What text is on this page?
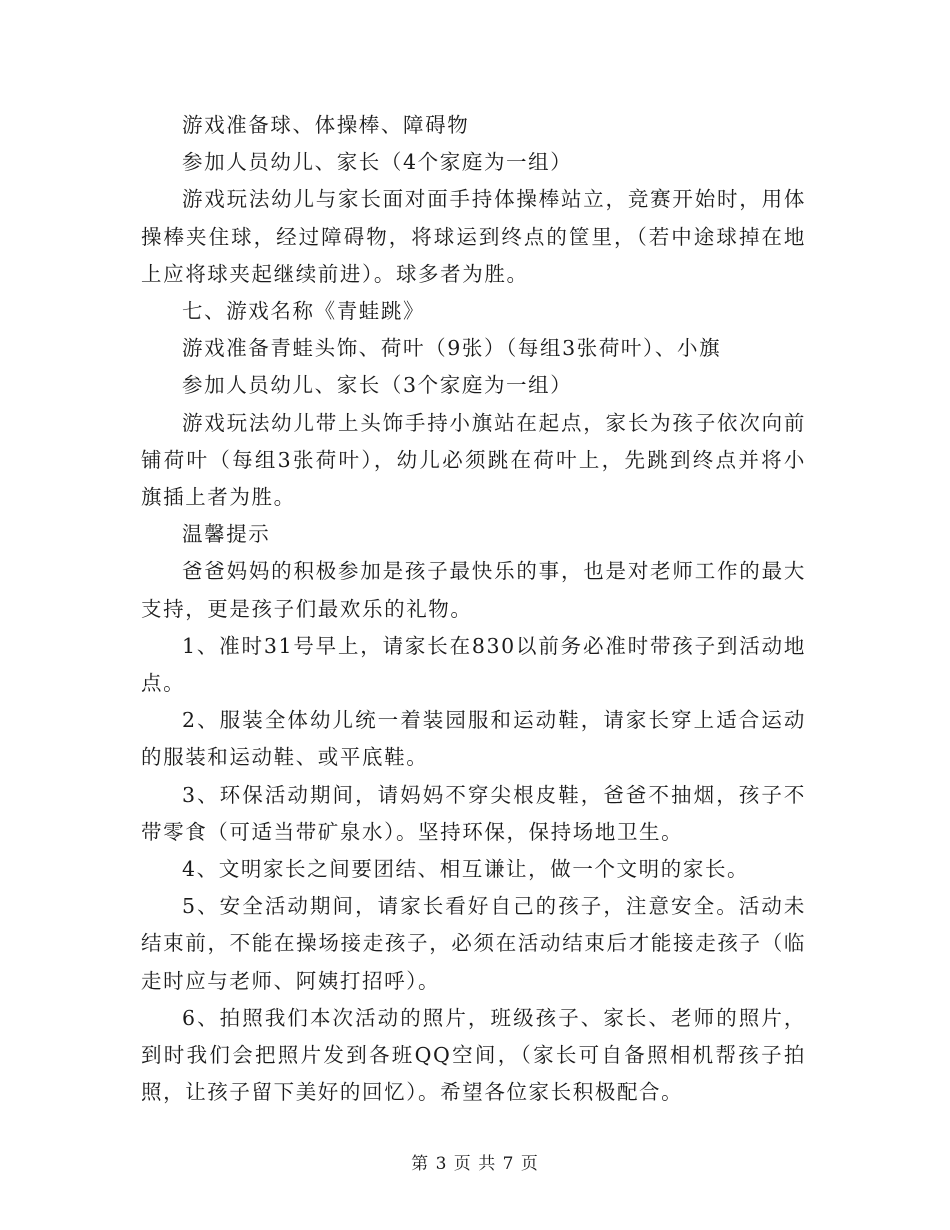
游戏准备球、体操棒、障碍物

参加人员幼儿、家长（4个家庭为一组）

游戏玩法幼儿与家长面对面手持体操棒站立，竞赛开始时，用体操棒夹住球，经过障碍物，将球运到终点的筐里，（若中途球掉在地上应将球夹起继续前进）。球多者为胜。

七、游戏名称《青蛙跳》

游戏准备青蛙头饰、荷叶（9张）（每组3张荷叶）、小旗

参加人员幼儿、家长（3个家庭为一组）

游戏玩法幼儿带上头饰手持小旗站在起点，家长为孩子依次向前铺荷叶（每组3张荷叶），幼儿必须跳在荷叶上，先跳到终点并将小旗插上者为胜。

温馨提示

爸爸妈妈的积极参加是孩子最快乐的事，也是对老师工作的最大支持，更是孩子们最欢乐的礼物。

1、准时31号早上，请家长在830以前务必准时带孩子到活动地点。

2、服装全体幼儿统一着装园服和运动鞋，请家长穿上适合运动的服装和运动鞋、或平底鞋。

3、环保活动期间，请妈妈不穿尖根皮鞋，爸爸不抽烟，孩子不带零食（可适当带矿泉水）。坚持环保，保持场地卫生。

4、文明家长之间要团结、相互谦让，做一个文明的家长。

5、安全活动期间，请家长看好自己的孩子，注意安全。活动未结束前，不能在操场接走孩子，必须在活动结束后才能接走孩子（临走时应与老师、阿姨打招呼）。

6、拍照我们本次活动的照片，班级孩子、家长、老师的照片，到时我们会把照片发到各班QQ空间，（家长可自备照相机帮孩子拍照，让孩子留下美好的回忆）。希望各位家长积极配合。

第 3 页 共 7 页
